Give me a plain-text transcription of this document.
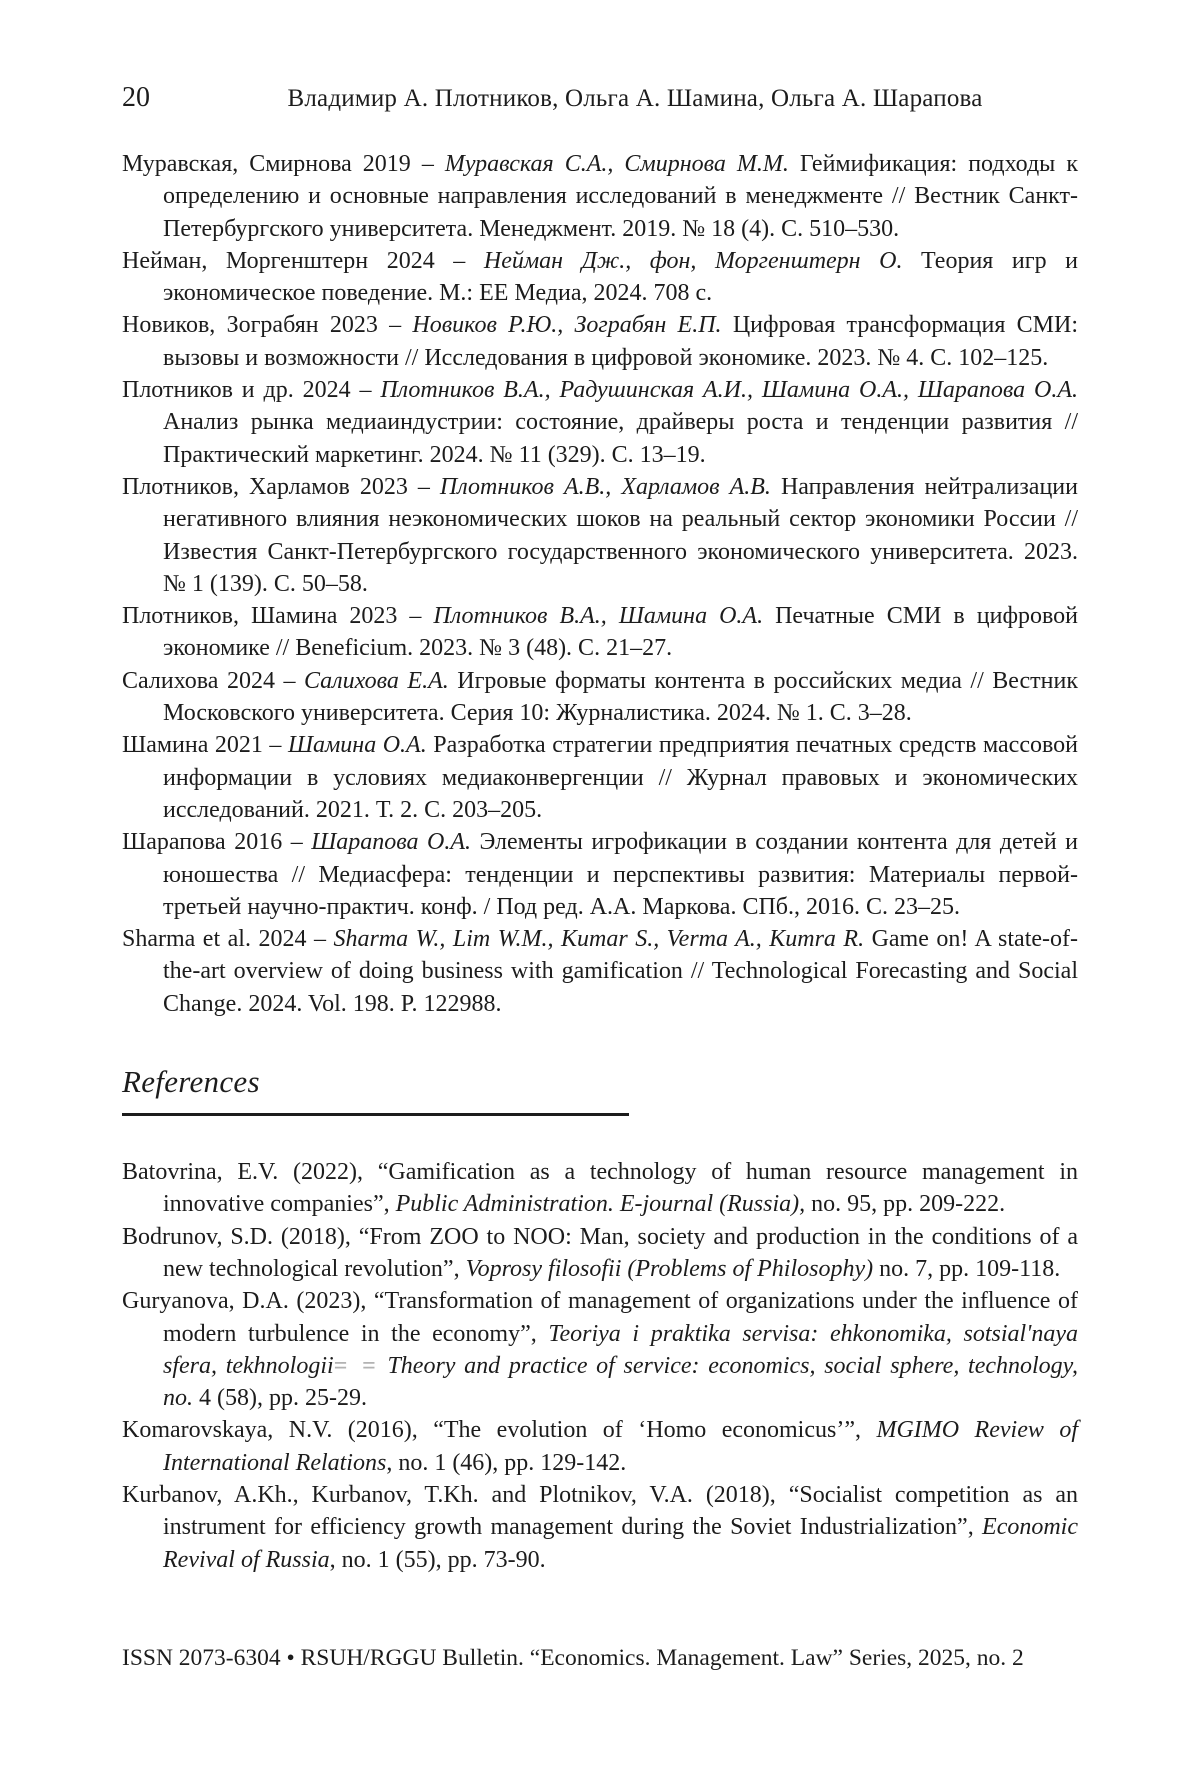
20	Владимир А. Плотников, Ольга А. Шамина, Ольга А. Шарапова

Муравская, Смирнова 2019 – Муравская С.А., Смирнова М.М. Геймификация: подходы к определению и основные направления исследований в менеджменте // Вестник Санкт-Петербургского университета. Менеджмент. 2019. № 18 (4). С. 510–530.

Нейман, Моргенштерн 2024 – Нейман Дж., фон, Моргенштерн О. Теория игр и экономическое поведение. М.: ЕЕ Медиа, 2024. 708 с.

Новиков, Зограбян 2023 – Новиков Р.Ю., Зограбян Е.П. Цифровая трансформация СМИ: вызовы и возможности // Исследования в цифровой экономике. 2023. № 4. С. 102–125.

Плотников и др. 2024 – Плотников В.А., Радушинская А.И., Шамина О.А., Шарапова О.А. Анализ рынка медиаиндустрии: состояние, драйверы роста и тенденции развития // Практический маркетинг. 2024. № 11 (329). С. 13–19.

Плотников, Харламов 2023 – Плотников А.В., Харламов А.В. Направления нейтрализации негативного влияния неэкономических шоков на реальный сектор экономики России // Известия Санкт-Петербургского государственного экономического университета. 2023. № 1 (139). С. 50–58.

Плотников, Шамина 2023 – Плотников В.А., Шамина О.А. Печатные СМИ в цифровой экономике // Beneficium. 2023. № 3 (48). С. 21–27.

Салихова 2024 – Салихова Е.А. Игровые форматы контента в российских медиа // Вестник Московского университета. Серия 10: Журналистика. 2024. № 1. С. 3–28.

Шамина 2021 – Шамина О.А. Разработка стратегии предприятия печатных средств массовой информации в условиях медиаконвергенции // Журнал правовых и экономических исследований. 2021. Т. 2. С. 203–205.

Шарапова 2016 – Шарапова О.А. Элементы игрофикации в создании контента для детей и юношества // Медиасфера: тенденции и перспективы развития: Материалы первой-третьей научно-практич. конф. / Под ред. А.А. Маркова. СПб., 2016. С. 23–25.

Sharma et al. 2024 – Sharma W., Lim W.M., Kumar S., Verma A., Kumra R. Game on! A state-of-the-art overview of doing business with gamification // Technological Forecasting and Social Change. 2024. Vol. 198. P. 122988.

References

Batovrina, E.V. (2022), “Gamification as a technology of human resource management in innovative companies”, Public Administration. E-journal (Russia), no. 95, pp. 209-222.

Bodrunov, S.D. (2018), “From ZOO to NOO: Man, society and production in the conditions of a new technological revolution”, Voprosy filosofii (Problems of Philosophy) no. 7, pp. 109-118.

Guryanova, D.A. (2023), “Transformation of management of organizations under the influence of modern turbulence in the economy”, Teoriya i praktika servisa: ehkonomika, sotsial'naya sfera, tekhnologii= = Theory and practice of service: economics, social sphere, technology, no. 4 (58), pp. 25-29.

Komarovskaya, N.V. (2016), “The evolution of ‘Homo economicus’”, MGIMO Review of International Relations, no. 1 (46), pp. 129-142.

Kurbanov, A.Kh., Kurbanov, T.Kh. and Plotnikov, V.A. (2018), “Socialist competition as an instrument for efficiency growth management during the Soviet Industrialization”, Economic Revival of Russia, no. 1 (55), pp. 73-90.

ISSN 2073-6304 • RSUH/RGGU Bulletin. “Economics. Management. Law” Series, 2025, no. 2
